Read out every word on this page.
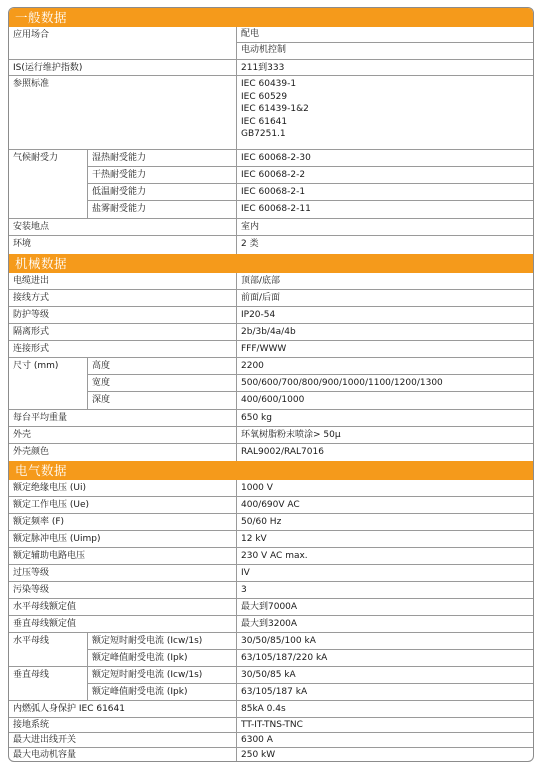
一般数据
应用场合	配电
电动机控制
IS(运行维护指数)	211到333
参照标准	IEC 60439-1
IEC 60529
IEC 61439-1&2
IEC 61641
GB7251.1
气候耐受力	湿热耐受能力	IEC 60068-2-30
干热耐受能力	IEC 60068-2-2
低温耐受能力	IEC 60068-2-1
盐雾耐受能力	IEC 60068-2-11
安装地点	室内
环境	2 类
机械数据
电缆进出	顶部/底部
接线方式	前面/后面
防护等级	IP20-54
隔离形式	2b/3b/4a/4b
连接形式	FFF/WWW
尺寸 (mm)	高度	2200
宽度	500/600/700/800/900/1000/1100/1200/1300
深度	400/600/1000
每台平均重量	650 kg
外壳	环氧树脂粉末喷涂> 50μ
外壳颜色	RAL9002/RAL7016
电气数据
额定绝缘电压 (Ui)	1000 V
额定工作电压 (Ue)	400/690V AC
额定频率 (F)	50/60 Hz
额定脉冲电压 (Uimp)	12 kV
额定辅助电路电压	230 V AC max.
过压等级	IV
污染等级	3
水平母线额定值	最大到7000A
垂直母线额定值	最大到3200A
水平母线	额定短时耐受电流 (Icw/1s)	30/50/85/100 kA
额定峰值耐受电流 (Ipk)	63/105/187/220 kA
垂直母线	额定短时耐受电流 (Icw/1s)	30/50/85 kA
额定峰值耐受电流 (Ipk)	63/105/187 kA
内燃弧人身保护 IEC 61641	85kA 0.4s
接地系统	TT-IT-TNS-TNC
最大进出线开关	6300 A
最大电动机容量	250 kW
